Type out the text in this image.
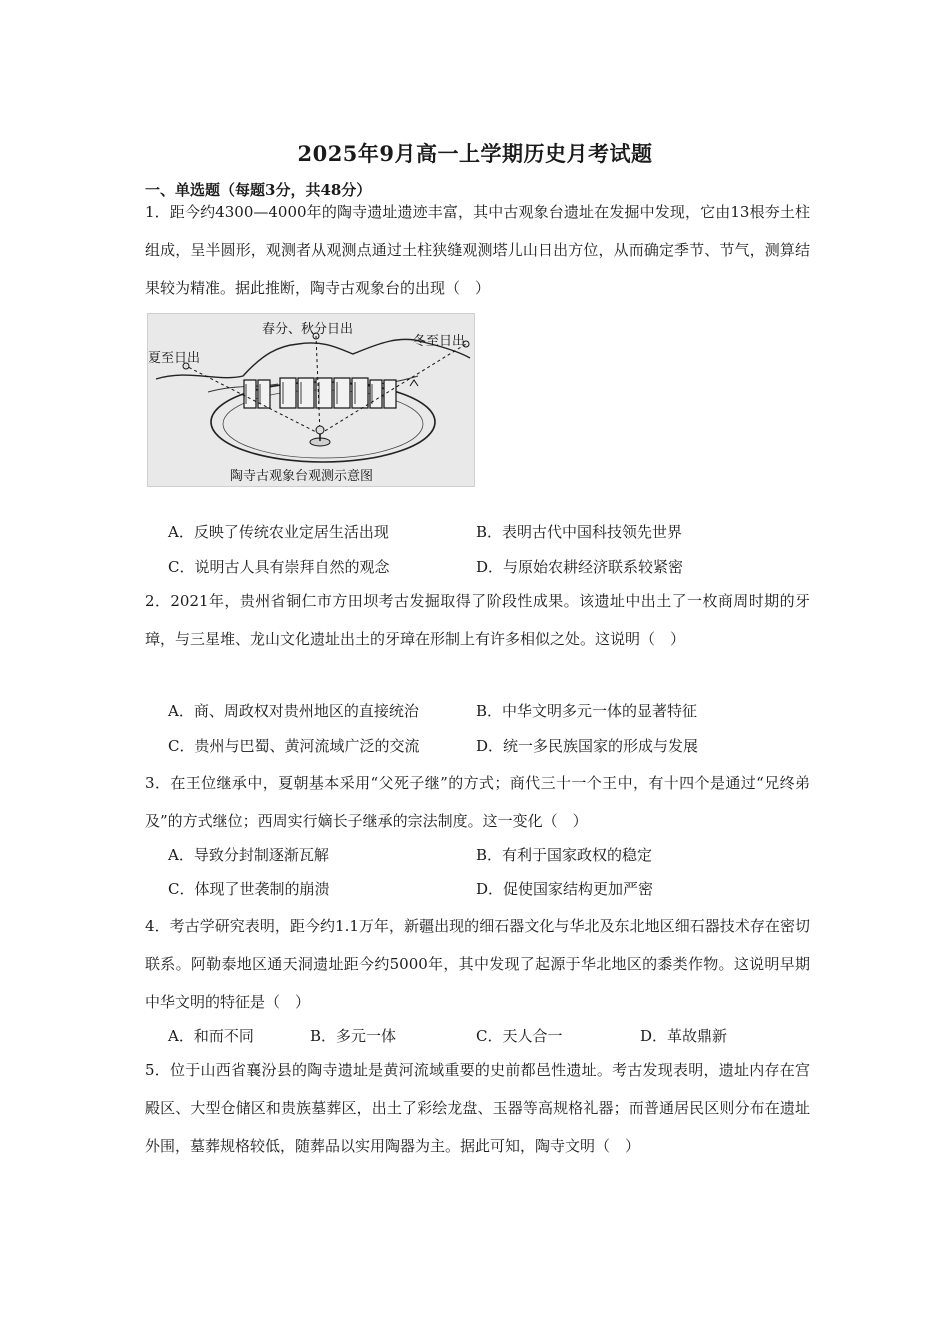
2025年9月高一上学期历史月考试题
一、单选题（每题3分，共48分）
1．距今约4300—4000年的陶寺遗址遗迹丰富，其中古观象台遗址在发掘中发现，它由13根夯土柱组成，呈半圆形，观测者从观测点通过土柱狭缝观测塔儿山日出方位，从而确定季节、节气，测算结果较为精准。据此推断，陶寺古观象台的出现（　）
春分、秋分日出
夏至日出
冬至日出
陶寺古观象台观测示意图
A．反映了传统农业定居生活出现	B．表明古代中国科技领先世界
C．说明古人具有崇拜自然的观念	D．与原始农耕经济联系较紧密
2．2021年，贵州省铜仁市方田坝考古发掘取得了阶段性成果。该遗址中出土了一枚商周时期的牙璋，与三星堆、龙山文化遗址出土的牙璋在形制上有许多相似之处。这说明（　）
A．商、周政权对贵州地区的直接统治	B．中华文明多元一体的显著特征
C．贵州与巴蜀、黄河流域广泛的交流	D．统一多民族国家的形成与发展
3．在王位继承中，夏朝基本采用“父死子继”的方式；商代三十一个王中，有十四个是通过“兄终弟及”的方式继位；西周实行嫡长子继承的宗法制度。这一变化（　）
A．导致分封制逐渐瓦解	B．有利于国家政权的稳定
C．体现了世袭制的崩溃	D．促使国家结构更加严密
4．考古学研究表明，距今约1.1万年，新疆出现的细石器文化与华北及东北地区细石器技术存在密切联系。阿勒泰地区通天洞遗址距今约5000年，其中发现了起源于华北地区的黍类作物。这说明早期中华文明的特征是（　）
A．和而不同	B．多元一体	C．天人合一	D．革故鼎新
5．位于山西省襄汾县的陶寺遗址是黄河流域重要的史前都邑性遗址。考古发现表明，遗址内存在宫殿区、大型仓储区和贵族墓葬区，出土了彩绘龙盘、玉器等高规格礼器；而普通居民区则分布在遗址外围，墓葬规格较低，随葬品以实用陶器为主。据此可知，陶寺文明（　）
